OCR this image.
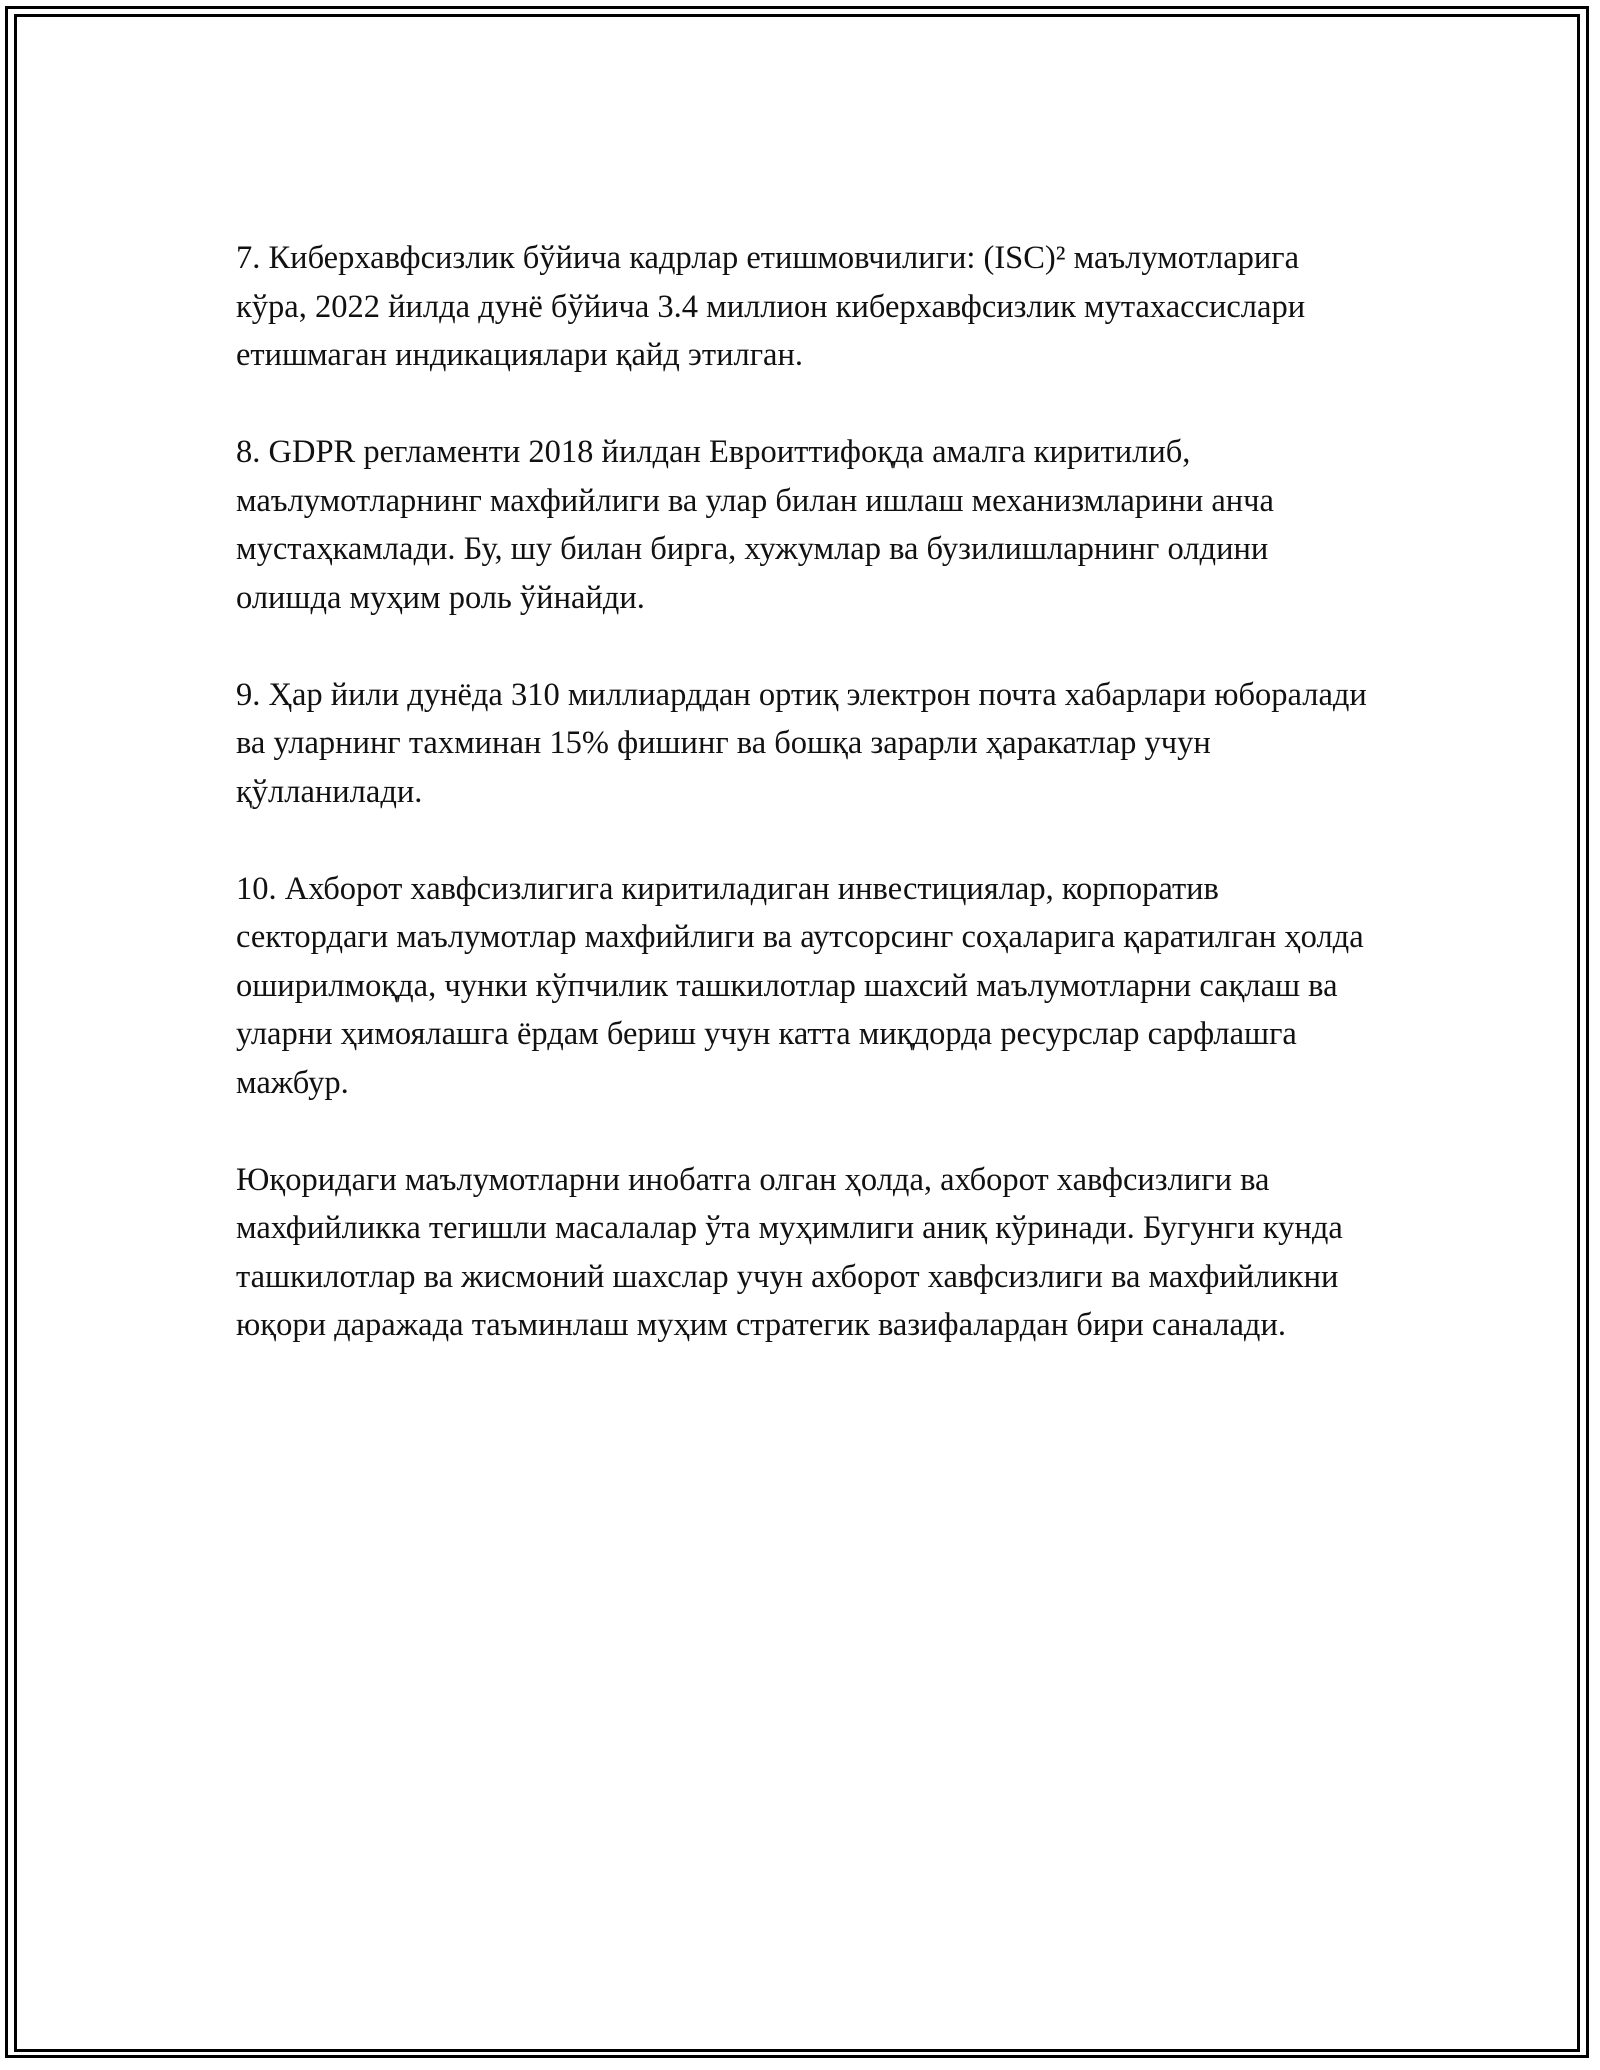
7. Киберхавфсизлик бўйича кадрлар етишмовчилиги: (ISC)² маълумотларига кўра, 2022 йилда дунё бўйича 3.4 миллион киберхавфсизлик мутахассислари етишмаган индикациялари қайд этилган.

8. GDPR регламенти 2018 йилдан Евроиттифоқда амалга киритилиб, маълумотларнинг махфийлиги ва улар билан ишлаш механизмларини анча мустаҳкамлади. Бу, шу билан бирга, хужумлар ва бузилишларнинг олдини олишда муҳим роль ўйнайди.

9. Ҳар йили дунёда 310 миллиарддан ортиқ электрон почта хабарлари юборалади ва уларнинг тахминан 15% фишинг ва бошқа зарарли ҳаракатлар учун қўлланилади.

10. Ахборот хавфсизлигига киритиладиган инвестициялар, корпоратив сектордаги маълумотлар махфийлиги ва аутсорсинг соҳаларига қаратилган ҳолда оширилмоқда, чунки кўпчилик ташкилотлар шахсий маълумотларни сақлаш ва уларни ҳимоялашга ёрдам бериш учун катта миқдорда ресурслар сарфлашга мажбур.

Юқоридаги маълумотларни инобатга олган ҳолда, ахборот хавфсизлиги ва махфийликка тегишли масалалар ўта муҳимлиги аниқ кўринади. Бугунги кунда ташкилотлар ва жисмоний шахслар учун ахборот хавфсизлиги ва махфийликни юқори даражада таъминлаш муҳим стратегик вазифалардан бири саналади.
